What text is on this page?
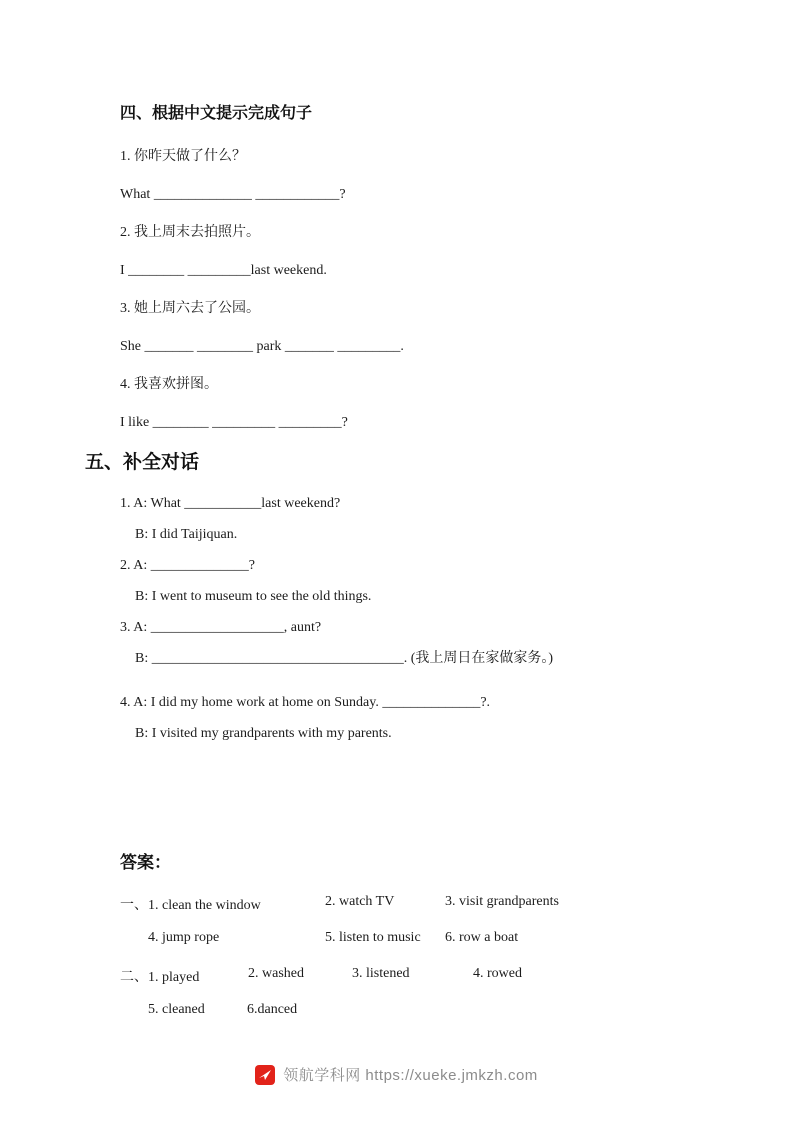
四、根据中文提示完成句子

1. 你昨天做了什么？

What ______________ ____________?

2. 我上周末去拍照片。

I ________ _________last weekend.

3. 她上周六去了公园。

She _______ ________ park _______ _________.

4. 我喜欢拼图。

I like ________ _________ _________?

五、补全对话

1. A: What ___________last weekend?

B: I did Taijiquan.

2. A: ______________?

B: I went to museum to see the old things.

3. A: ___________________, aunt?

B: ____________________________________. (我上周日在家做家务。)

4. A: I did my home work at home on Sunday. ______________?.

B: I visited my grandparents with my parents.

答案：
一、1. clean the window	2. watch TV	3. visit grandparents
4. jump rope	5. listen to music 6. row a boat
二、1. played	2. washed	3. listened	4. rowed
5. cleaned	6.danced
领航学科网 https://xueke.jmkzh.com
